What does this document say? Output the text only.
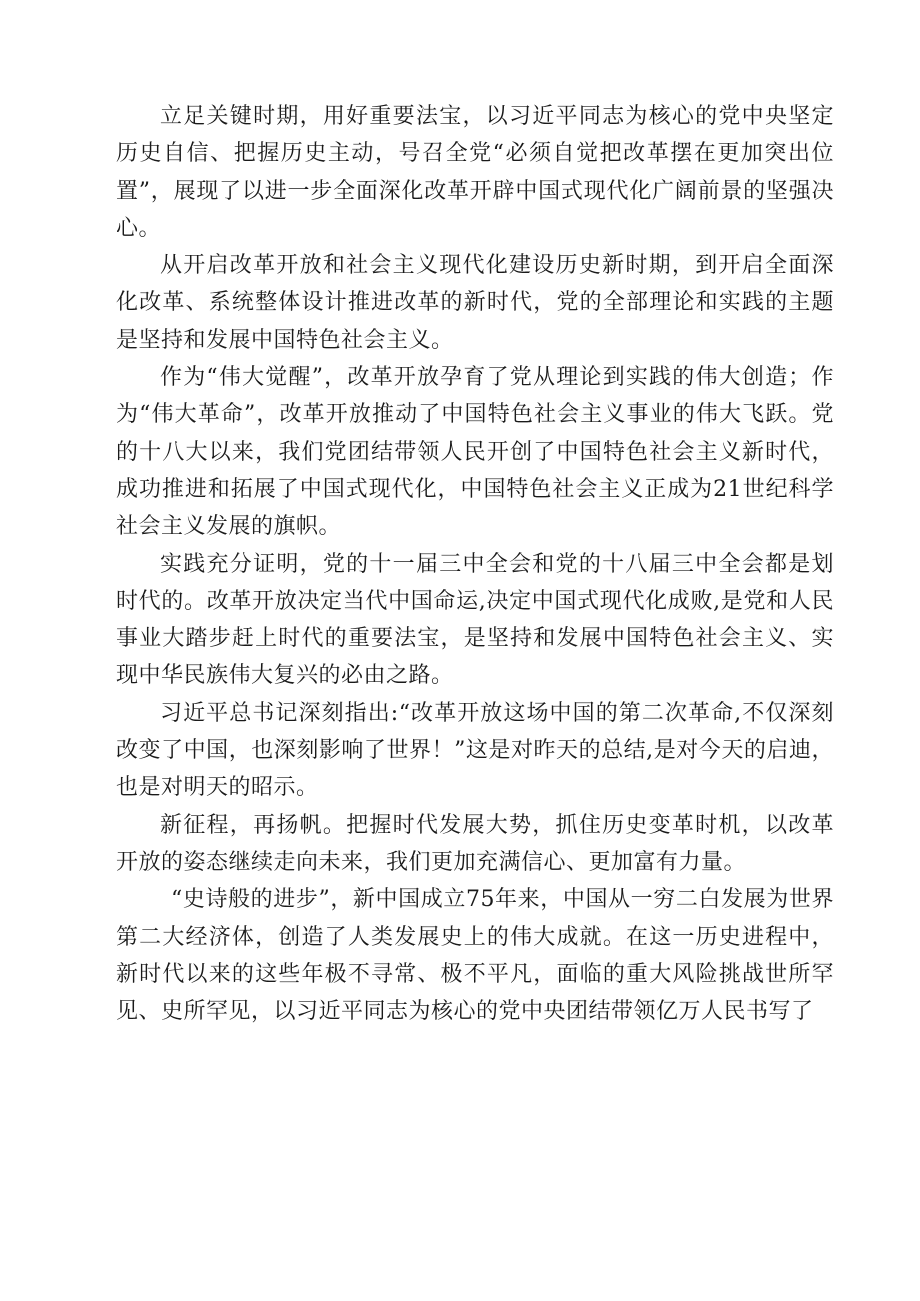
立足关键时期，用好重要法宝，以习近平同志为核心的党中央坚定历史自信、把握历史主动，号召全党“必须自觉把改革摆在更加突出位置”，展现了以进一步全面深化改革开辟中国式现代化广阔前景的坚强决心。

从开启改革开放和社会主义现代化建设历史新时期，到开启全面深化改革、系统整体设计推进改革的新时代，党的全部理论和实践的主题是坚持和发展中国特色社会主义。

作为“伟大觉醒”，改革开放孕育了党从理论到实践的伟大创造；作为“伟大革命”，改革开放推动了中国特色社会主义事业的伟大飞跃。党的十八大以来，我们党团结带领人民开创了中国特色社会主义新时代，成功推进和拓展了中国式现代化，中国特色社会主义正成为21世纪科学社会主义发展的旗帜。

实践充分证明，党的十一届三中全会和党的十八届三中全会都是划时代的。改革开放决定当代中国命运,决定中国式现代化成败,是党和人民事业大踏步赶上时代的重要法宝，是坚持和发展中国特色社会主义、实现中华民族伟大复兴的必由之路。

习近平总书记深刻指出:“改革开放这场中国的第二次革命,不仅深刻改变了中国，也深刻影响了世界！”这是对昨天的总结,是对今天的启迪，也是对明天的昭示。

新征程，再扬帆。把握时代发展大势，抓住历史变革时机，以改革开放的姿态继续走向未来，我们更加充满信心、更加富有力量。

“史诗般的进步”，新中国成立75年来，中国从一穷二白发展为世界第二大经济体，创造了人类发展史上的伟大成就。在这一历史进程中，新时代以来的这些年极不寻常、极不平凡，面临的重大风险挑战世所罕见、史所罕见，以习近平同志为核心的党中央团结带领亿万人民书写了
